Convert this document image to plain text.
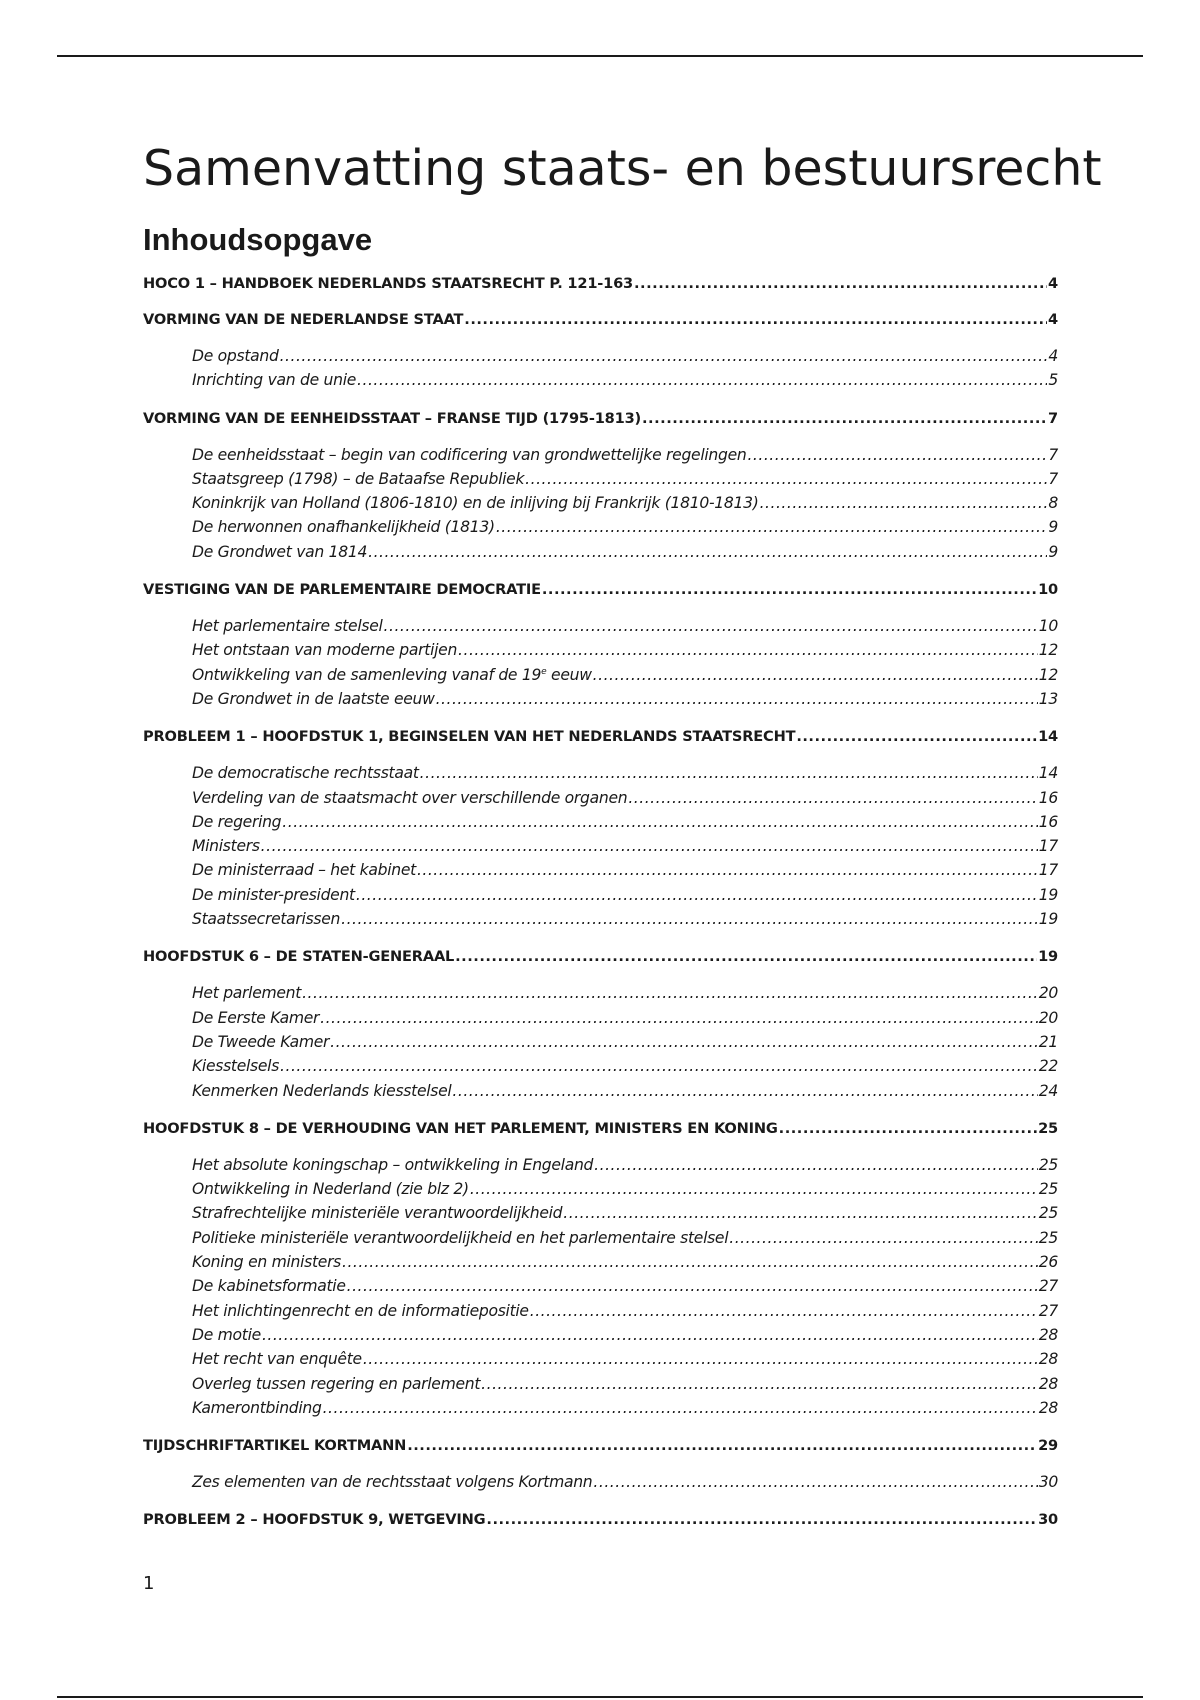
Samenvatting staats- en bestuursrecht
Inhoudsopgave
HOCO 1 – HANDBOEK NEDERLANDS STAATSRECHT P. 121-163 .....	4
VORMING VAN DE NEDERLANDSE STAAT .....	4
De opstand .....	4
Inrichting van de unie .....	5
VORMING VAN DE EENHEIDSSTAAT – FRANSE TIJD (1795-1813) .....	7
De eenheidsstaat – begin van codificering van grondwettelijke regelingen .....	7
Staatsgreep (1798) – de Bataafse Republiek .....	7
Koninkrijk van Holland (1806-1810) en de inlijving bij Frankrijk (1810-1813) .....	8
De herwonnen onafhankelijkheid (1813) .....	9
De Grondwet van 1814 .....	9
VESTIGING VAN DE PARLEMENTAIRE DEMOCRATIE .....	10
Het parlementaire stelsel .....	10
Het ontstaan van moderne partijen .....	12
Ontwikkeling van de samenleving vanaf de 19e eeuw .....	12
De Grondwet in de laatste eeuw .....	13
PROBLEEM 1 – HOOFDSTUK 1, BEGINSELEN VAN HET NEDERLANDS STAATSRECHT .....	14
De democratische rechtsstaat .....	14
Verdeling van de staatsmacht over verschillende organen .....	16
De regering .....	16
Ministers .....	17
De ministerraad – het kabinet .....	17
De minister-president .....	19
Staatssecretarissen .....	19
HOOFDSTUK 6 – DE STATEN-GENERAAL .....	19
Het parlement .....	20
De Eerste Kamer .....	20
De Tweede Kamer .....	21
Kiesstelsels .....	22
Kenmerken Nederlands kiesstelsel .....	24
HOOFDSTUK 8 – DE VERHOUDING VAN HET PARLEMENT, MINISTERS EN KONING .....	25
Het absolute koningschap – ontwikkeling in Engeland .....	25
Ontwikkeling in Nederland (zie blz 2) .....	25
Strafrechtelijke ministeriële verantwoordelijkheid .....	25
Politieke ministeriële verantwoordelijkheid en het parlementaire stelsel .....	25
Koning en ministers .....	26
De kabinetsformatie .....	27
Het inlichtingenrecht en de informatiepositie .....	27
De motie .....	28
Het recht van enquête .....	28
Overleg tussen regering en parlement .....	28
Kamerontbinding .....	28
TIJDSCHRIFTARTIKEL KORTMANN .....	29
Zes elementen van de rechtsstaat volgens Kortmann .....	30
PROBLEEM 2 – HOOFDSTUK 9, WETGEVING .....	30
1
